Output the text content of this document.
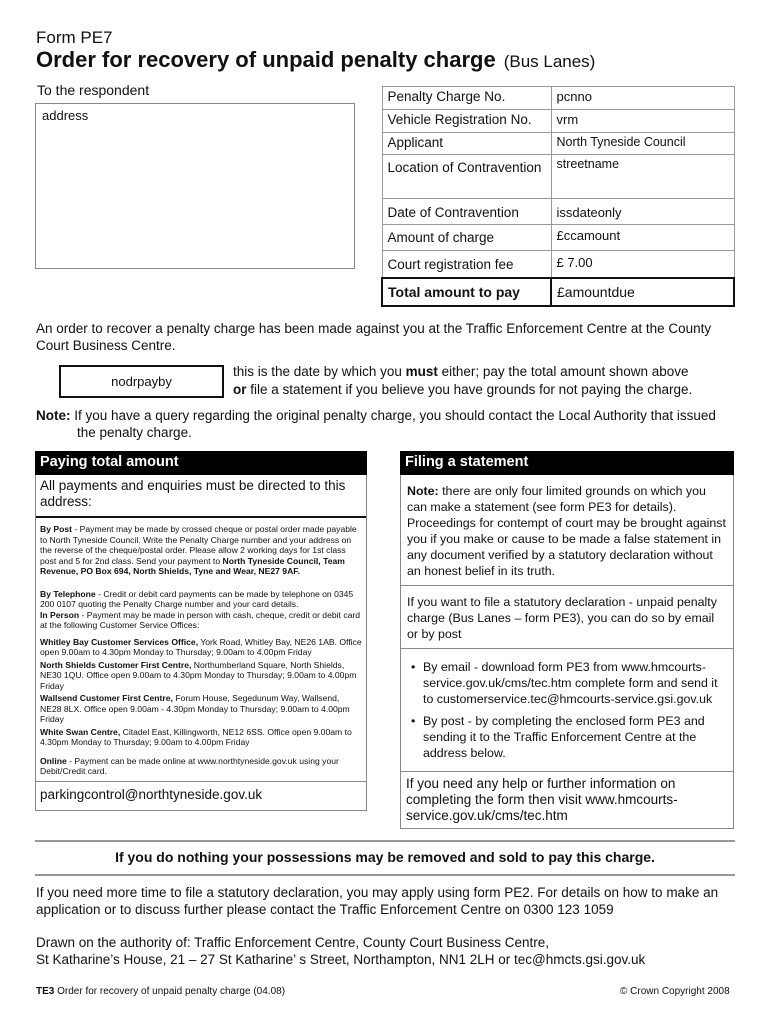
Form PE7
Order for recovery of unpaid penalty charge (Bus Lanes)
To the respondent
address
Penalty Charge No.	pcnno
Vehicle Registration No.	vrm
Applicant	North Tyneside Council
Location of Contravention	streetname
Date of Contravention	issdateonly
Amount of charge	£ccamount
Court registration fee	£ 7.00
Total amount to pay	£amountdue
An order to recover a penalty charge has been made against you at the Traffic Enforcement Centre at the County Court Business Centre.
nodrpayby
this is the date by which you must either; pay the total amount shown above
or file a statement if you believe you have grounds for not paying the charge.
Note: If you have a query regarding the original penalty charge, you should contact the Local Authority that issued the penalty charge.
Paying total amount
All payments and enquiries must be directed to this address:
By Post - Payment may be made by crossed cheque or postal order made payable to North Tyneside Council. Write the Penalty Charge number and your address on the reverse of the cheque/postal order. Please allow 2 working days for 1st class post and 5 for 2nd class. Send your payment to North Tyneside Council, Team Revenue, PO Box 694, North Shields, Tyne and Wear, NE27 9AF.
By Telephone - Credit or debit card payments can be made by telephone on 0345 200 0107 quoting the Penalty Charge number and your card details.
In Person - Payment may be made in person with cash, cheque, credit or debit card at the following Customer Service Offices:
Whitley Bay Customer Services Office, York Road, Whitley Bay, NE26 1AB. Office open 9.00am to 4.30pm Monday to Thursday; 9.00am to 4.00pm Friday
North Shields Customer First Centre, Northumberland Square, North Shields, NE30 1QU. Office open 9.00am to 4.30pm Monday to Thursday; 9.00am to 4.00pm Friday
Wallsend Customer First Centre, Forum House, Segedunum Way, Wallsend, NE28 8LX. Office open 9.00am - 4.30pm Monday to Thursday; 9.00am to 4.00pm Friday
White Swan Centre, Citadel East, Killingworth, NE12 6SS. Office open 9.00am to 4.30pm Monday to Thursday; 9.00am to 4.00pm Friday
Online - Payment can be made online at www.northtyneside.gov.uk using your Debit/Credit card.
parkingcontrol@northtyneside.gov.uk
Filing a statement
Note: there are only four limited grounds on which you can make a statement (see form PE3 for details). Proceedings for contempt of court may be brought against you if you make or cause to be made a false statement in any document verified by a statutory declaration without an honest belief in its truth.
If you want to file a statutory declaration - unpaid penalty charge (Bus Lanes – form PE3), you can do so by email or by post
• By email - download form PE3 from www.hmcourts-service.gov.uk/cms/tec.htm complete form and send it to customerservice.tec@hmcourts-service.gsi.gov.uk
• By post - by completing the enclosed form PE3 and sending it to the Traffic Enforcement Centre at the address below.
If you need any help or further information on completing the form then visit www.hmcourts-service.gov.uk/cms/tec.htm
If you do nothing your possessions may be removed and sold to pay this charge.
If you need more time to file a statutory declaration, you may apply using form PE2. For details on how to make an application or to discuss further please contact the Traffic Enforcement Centre on 0300 123 1059
Drawn on the authority of: Traffic Enforcement Centre, County Court Business Centre,
St Katharine’s House, 21 – 27 St Katharine’ s Street, Northampton, NN1 2LH or tec@hmcts.gsi.gov.uk
TE3 Order for recovery of unpaid penalty charge (04.08)	© Crown Copyright 2008
